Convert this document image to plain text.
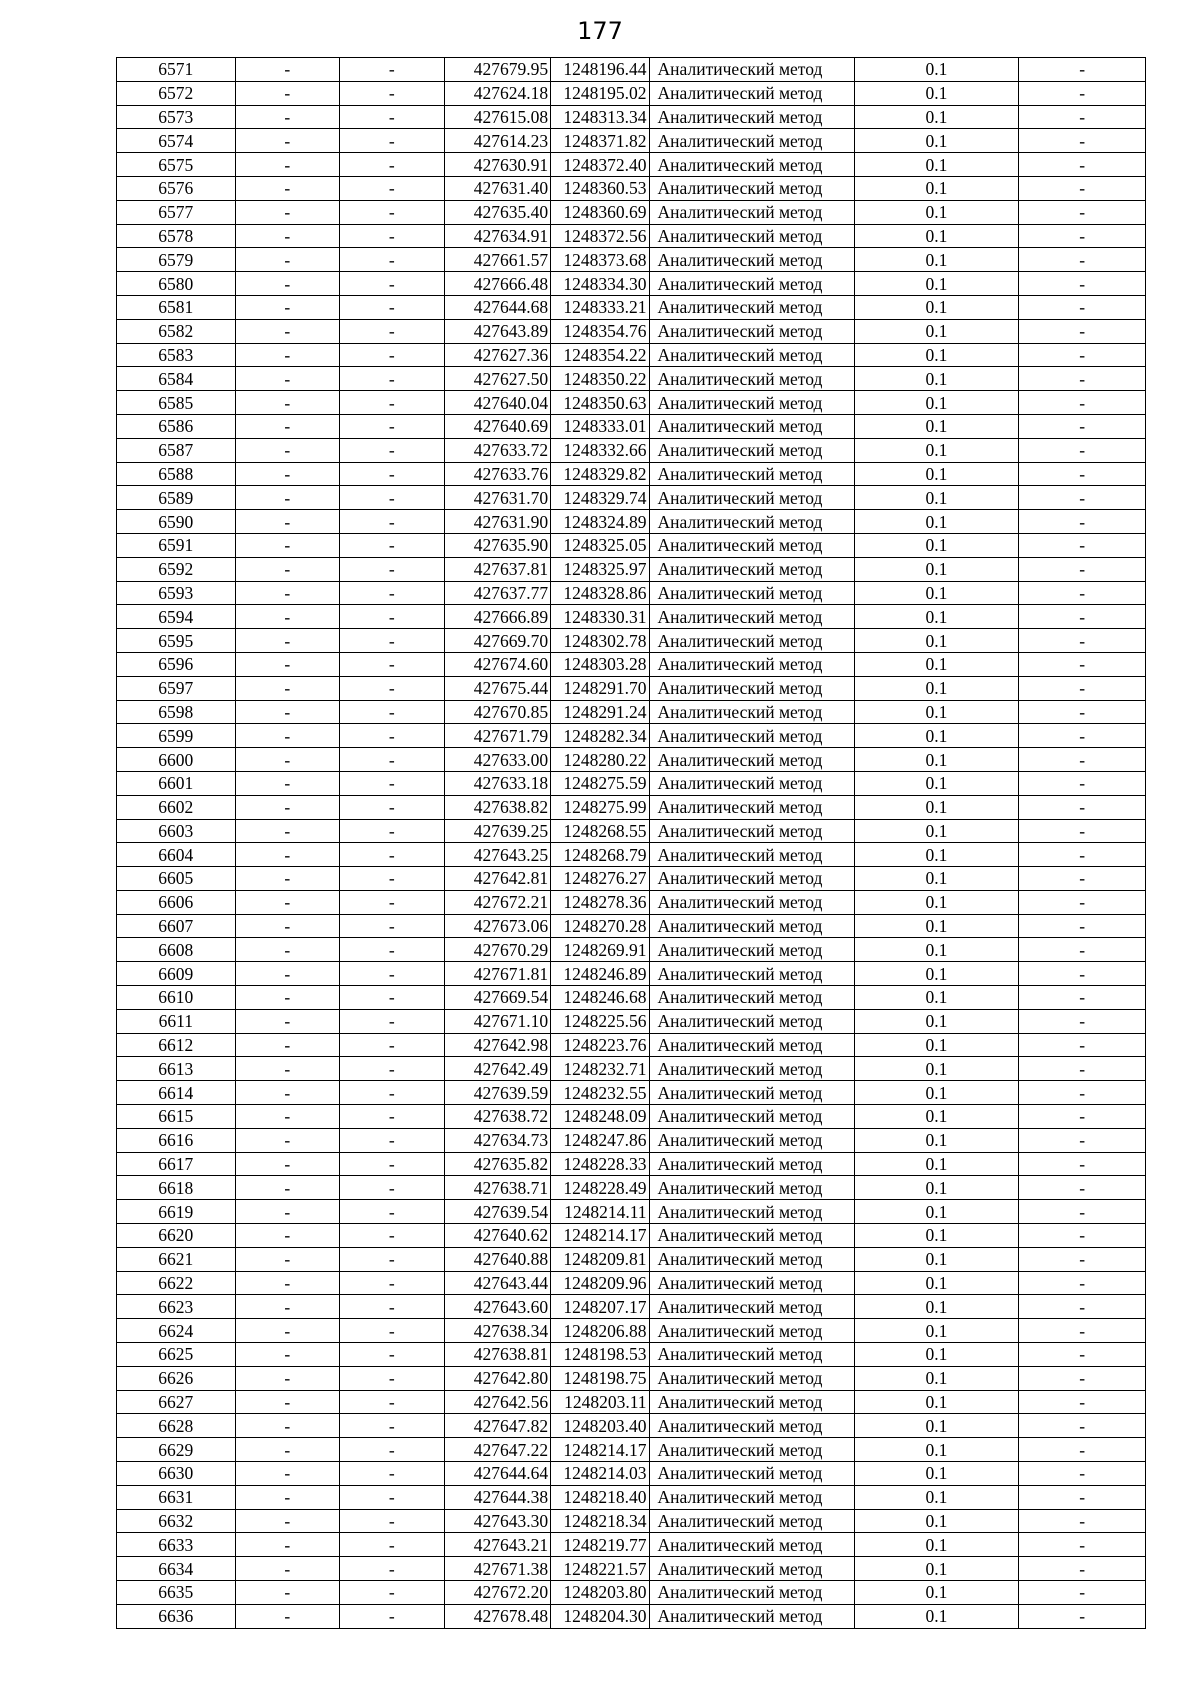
177
6571	-	-	427679.95	1248196.44	Аналитический метод	0.1	-
6572	-	-	427624.18	1248195.02	Аналитический метод	0.1	-
6573	-	-	427615.08	1248313.34	Аналитический метод	0.1	-
6574	-	-	427614.23	1248371.82	Аналитический метод	0.1	-
6575	-	-	427630.91	1248372.40	Аналитический метод	0.1	-
6576	-	-	427631.40	1248360.53	Аналитический метод	0.1	-
6577	-	-	427635.40	1248360.69	Аналитический метод	0.1	-
6578	-	-	427634.91	1248372.56	Аналитический метод	0.1	-
6579	-	-	427661.57	1248373.68	Аналитический метод	0.1	-
6580	-	-	427666.48	1248334.30	Аналитический метод	0.1	-
6581	-	-	427644.68	1248333.21	Аналитический метод	0.1	-
6582	-	-	427643.89	1248354.76	Аналитический метод	0.1	-
6583	-	-	427627.36	1248354.22	Аналитический метод	0.1	-
6584	-	-	427627.50	1248350.22	Аналитический метод	0.1	-
6585	-	-	427640.04	1248350.63	Аналитический метод	0.1	-
6586	-	-	427640.69	1248333.01	Аналитический метод	0.1	-
6587	-	-	427633.72	1248332.66	Аналитический метод	0.1	-
6588	-	-	427633.76	1248329.82	Аналитический метод	0.1	-
6589	-	-	427631.70	1248329.74	Аналитический метод	0.1	-
6590	-	-	427631.90	1248324.89	Аналитический метод	0.1	-
6591	-	-	427635.90	1248325.05	Аналитический метод	0.1	-
6592	-	-	427637.81	1248325.97	Аналитический метод	0.1	-
6593	-	-	427637.77	1248328.86	Аналитический метод	0.1	-
6594	-	-	427666.89	1248330.31	Аналитический метод	0.1	-
6595	-	-	427669.70	1248302.78	Аналитический метод	0.1	-
6596	-	-	427674.60	1248303.28	Аналитический метод	0.1	-
6597	-	-	427675.44	1248291.70	Аналитический метод	0.1	-
6598	-	-	427670.85	1248291.24	Аналитический метод	0.1	-
6599	-	-	427671.79	1248282.34	Аналитический метод	0.1	-
6600	-	-	427633.00	1248280.22	Аналитический метод	0.1	-
6601	-	-	427633.18	1248275.59	Аналитический метод	0.1	-
6602	-	-	427638.82	1248275.99	Аналитический метод	0.1	-
6603	-	-	427639.25	1248268.55	Аналитический метод	0.1	-
6604	-	-	427643.25	1248268.79	Аналитический метод	0.1	-
6605	-	-	427642.81	1248276.27	Аналитический метод	0.1	-
6606	-	-	427672.21	1248278.36	Аналитический метод	0.1	-
6607	-	-	427673.06	1248270.28	Аналитический метод	0.1	-
6608	-	-	427670.29	1248269.91	Аналитический метод	0.1	-
6609	-	-	427671.81	1248246.89	Аналитический метод	0.1	-
6610	-	-	427669.54	1248246.68	Аналитический метод	0.1	-
6611	-	-	427671.10	1248225.56	Аналитический метод	0.1	-
6612	-	-	427642.98	1248223.76	Аналитический метод	0.1	-
6613	-	-	427642.49	1248232.71	Аналитический метод	0.1	-
6614	-	-	427639.59	1248232.55	Аналитический метод	0.1	-
6615	-	-	427638.72	1248248.09	Аналитический метод	0.1	-
6616	-	-	427634.73	1248247.86	Аналитический метод	0.1	-
6617	-	-	427635.82	1248228.33	Аналитический метод	0.1	-
6618	-	-	427638.71	1248228.49	Аналитический метод	0.1	-
6619	-	-	427639.54	1248214.11	Аналитический метод	0.1	-
6620	-	-	427640.62	1248214.17	Аналитический метод	0.1	-
6621	-	-	427640.88	1248209.81	Аналитический метод	0.1	-
6622	-	-	427643.44	1248209.96	Аналитический метод	0.1	-
6623	-	-	427643.60	1248207.17	Аналитический метод	0.1	-
6624	-	-	427638.34	1248206.88	Аналитический метод	0.1	-
6625	-	-	427638.81	1248198.53	Аналитический метод	0.1	-
6626	-	-	427642.80	1248198.75	Аналитический метод	0.1	-
6627	-	-	427642.56	1248203.11	Аналитический метод	0.1	-
6628	-	-	427647.82	1248203.40	Аналитический метод	0.1	-
6629	-	-	427647.22	1248214.17	Аналитический метод	0.1	-
6630	-	-	427644.64	1248214.03	Аналитический метод	0.1	-
6631	-	-	427644.38	1248218.40	Аналитический метод	0.1	-
6632	-	-	427643.30	1248218.34	Аналитический метод	0.1	-
6633	-	-	427643.21	1248219.77	Аналитический метод	0.1	-
6634	-	-	427671.38	1248221.57	Аналитический метод	0.1	-
6635	-	-	427672.20	1248203.80	Аналитический метод	0.1	-
6636	-	-	427678.48	1248204.30	Аналитический метод	0.1	-
